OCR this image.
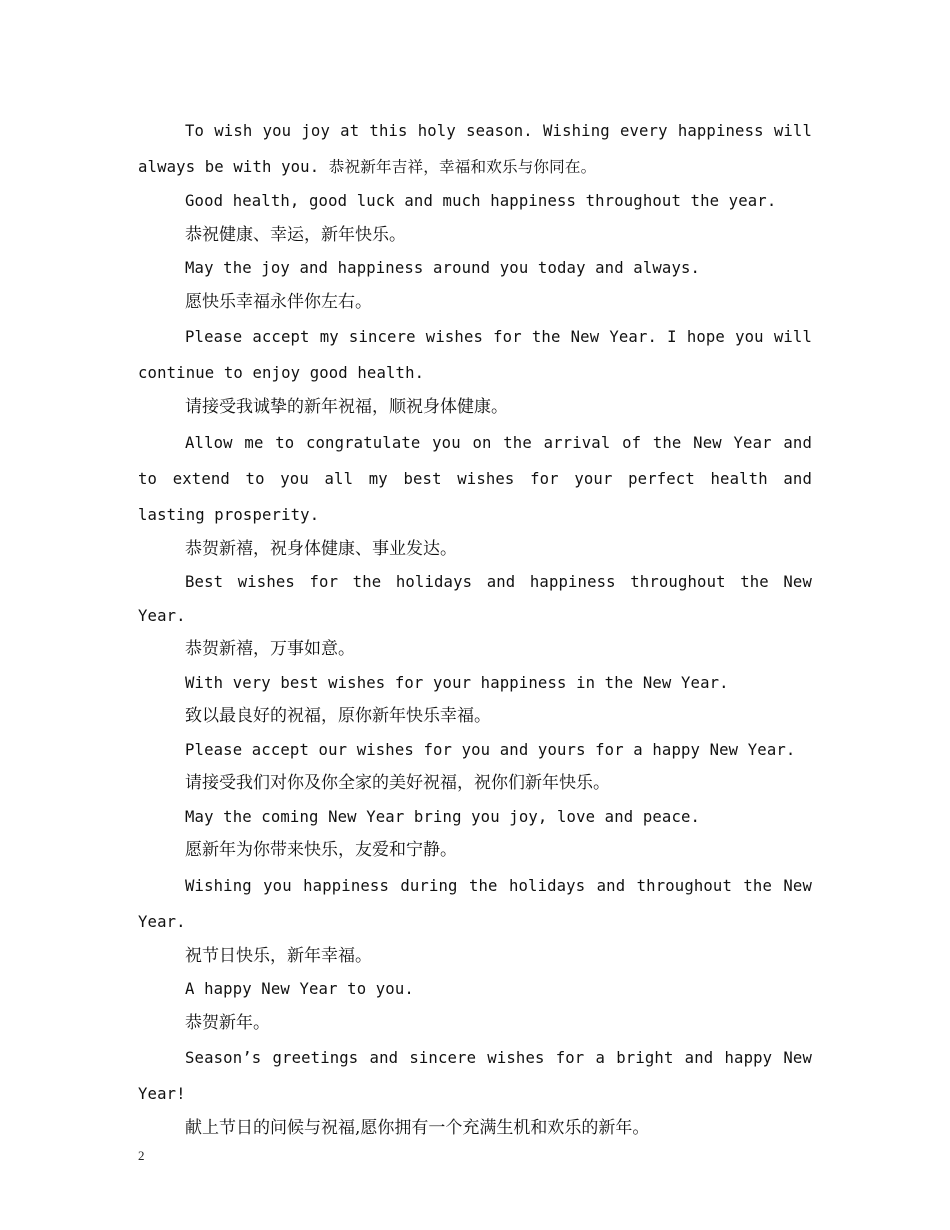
To wish you joy at this holy season. Wishing every happiness will always be with you. 恭祝新年吉祥，幸福和欢乐与你同在。

Good health, good luck and much happiness throughout the year.

恭祝健康、幸运，新年快乐。

May the joy and happiness around you today and always.

愿快乐幸福永伴你左右。

Please accept my sincere wishes for the New Year. I hope you will continue to enjoy good health.

请接受我诚挚的新年祝福，顺祝身体健康。

Allow me to congratulate you on the arrival of the New Year and to extend to you all my best wishes for your perfect health and lasting prosperity.

恭贺新禧，祝身体健康、事业发达。

Best wishes for the holidays and happiness throughout the New Year.

恭贺新禧，万事如意。

With very best wishes for your happiness in the New Year.

致以最良好的祝福，原你新年快乐幸福。

Please accept our wishes for you and yours for a happy New Year.

请接受我们对你及你全家的美好祝福，祝你们新年快乐。

May the coming New Year bring you joy, love and peace.

愿新年为你带来快乐，友爱和宁静。

Wishing you happiness during the holidays and throughout the New Year.

祝节日快乐，新年幸福。

A happy New Year to you.

恭贺新年。

Season’s greetings and sincere wishes for a bright and happy New Year!

献上节日的问候与祝福,愿你拥有一个充满生机和欢乐的新年。

2
